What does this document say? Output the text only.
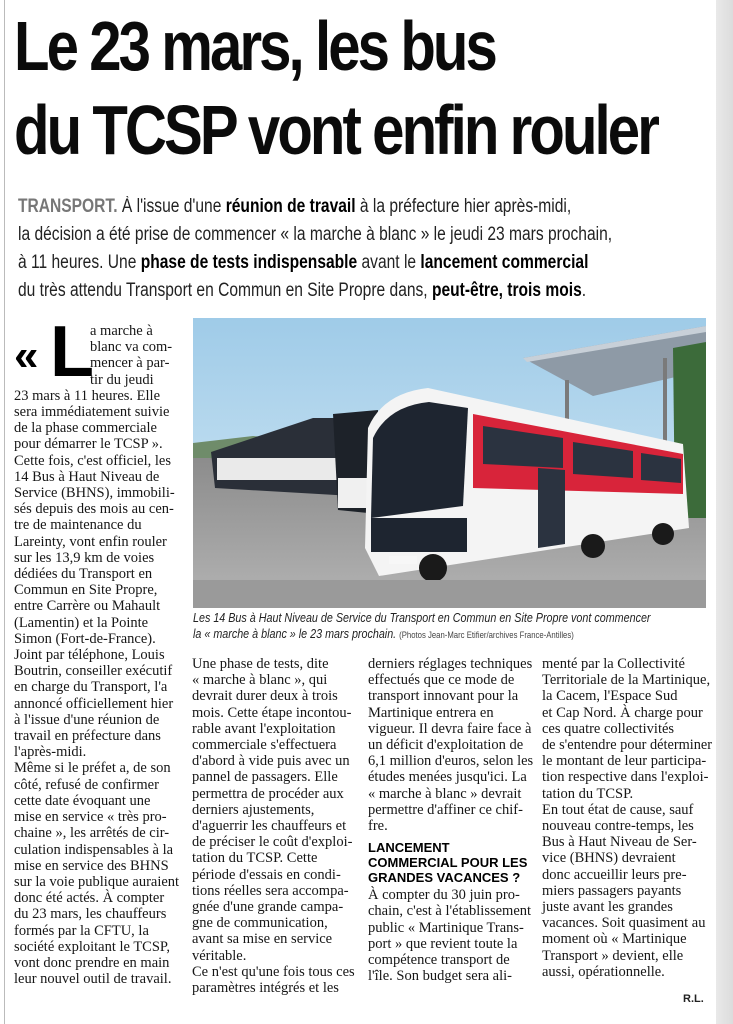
Le 23 mars, les bus
du TCSP vont enfin rouler
TRANSPORT. À l'issue d'une réunion de travail à la préfecture hier après-midi,
la décision a été prise de commencer « la marche à blanc » le jeudi 23 mars prochain,
à 11 heures. Une phase de tests indispensable avant le lancement commercial
du très attendu Transport en Commun en Site Propre dans, peut-être, trois mois.
« L
a marche à
blanc va com-
mencer à par-
tir du jeudi
23 mars à 11 heures. Elle
sera immédiatement suivie
de la phase commerciale
pour démarrer le TCSP ».
Cette fois, c'est officiel, les
14 Bus à Haut Niveau de
Service (BHNS), immobili-
sés depuis des mois au cen-
tre de maintenance du
Lareinty, vont enfin rouler
sur les 13,9 km de voies
dédiées du Transport en
Commun en Site Propre,
entre Carrère ou Mahault
(Lamentin) et la Pointe
Simon (Fort-de-France).
Joint par téléphone, Louis
Boutrin, conseiller exécutif
en charge du Transport, l'a
annoncé officiellement hier
à l'issue d'une réunion de
travail en préfecture dans
l'après-midi.
Même si le préfet a, de son
côté, refusé de confirmer
cette date évoquant une
mise en service « très pro-
chaine », les arrêtés de cir-
culation indispensables à la
mise en service des BHNS
sur la voie publique auraient
donc été actés. À compter
du 23 mars, les chauffeurs
formés par la CFTU, la
société exploitant le TCSP,
vont donc prendre en main
leur nouvel outil de travail.
Les 14 Bus à Haut Niveau de Service du Transport en Commun en Site Propre vont commencer
la « marche à blanc » le 23 mars prochain. (Photos Jean-Marc Etifier/archives France-Antilles)
Une phase de tests, dite
« marche à blanc », qui
devrait durer deux à trois
mois. Cette étape incontou-
rable avant l'exploitation
commerciale s'effectuera
d'abord à vide puis avec un
pannel de passagers. Elle
permettra de procéder aux
derniers ajustements,
d'aguerrir les chauffeurs et
de préciser le coût d'exploi-
tation du TCSP. Cette
période d'essais en condi-
tions réelles sera accompa-
gnée d'une grande campa-
gne de communication,
avant sa mise en service
véritable.
Ce n'est qu'une fois tous ces
paramètres intégrés et les
derniers réglages techniques
effectués que ce mode de
transport innovant pour la
Martinique entrera en
vigueur. Il devra faire face à
un déficit d'exploitation de
6,1 million d'euros, selon les
études menées jusqu'ici. La
« marche à blanc » devrait
permettre d'affiner ce chif-
fre.
LANCEMENT
COMMERCIAL POUR LES
GRANDES VACANCES ?
À compter du 30 juin pro-
chain, c'est à l'établissement
public « Martinique Trans-
port » que revient toute la
compétence transport de
l'île. Son budget sera ali-
menté par la Collectivité
Territoriale de la Martinique,
la Cacem, l'Espace Sud
et Cap Nord. À charge pour
ces quatre collectivités
de s'entendre pour déterminer
le montant de leur participa-
tion respective dans l'exploi-
tation du TCSP.
En tout état de cause, sauf
nouveau contre-temps, les
Bus à Haut Niveau de Ser-
vice (BHNS) devraient
donc accueillir leurs pre-
miers passagers payants
juste avant les grandes
vacances. Soit quasiment au
moment où « Martinique
Transport » devient, elle
aussi, opérationnelle.
R.L.
